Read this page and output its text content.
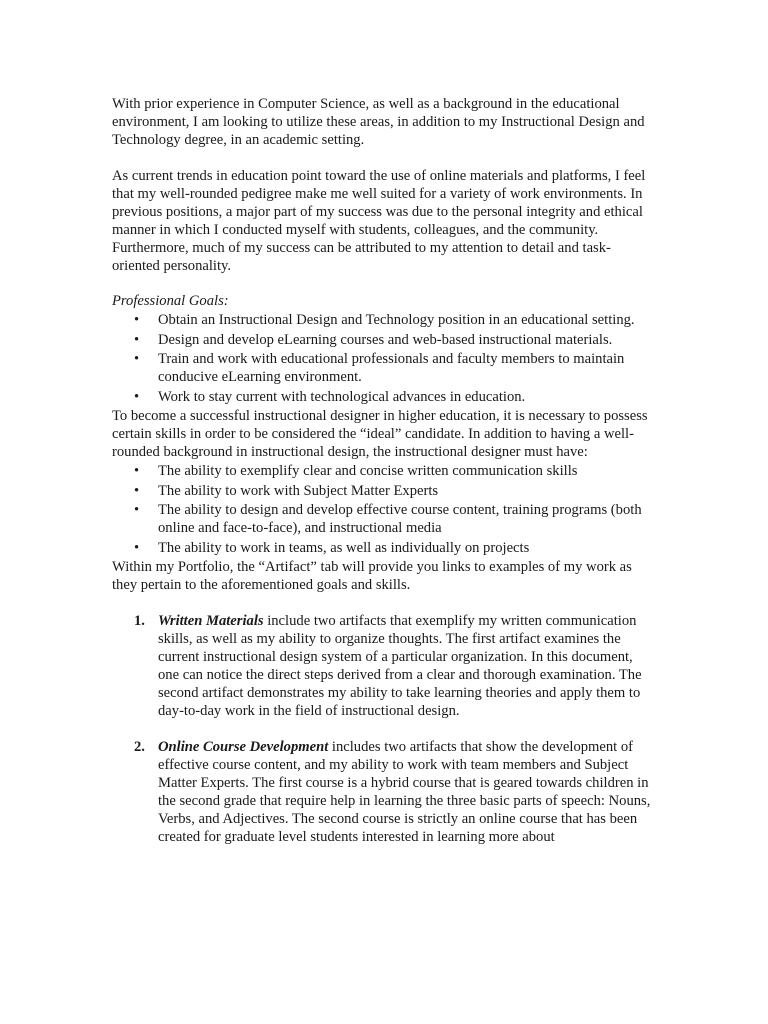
With prior experience in Computer Science, as well as a background in the educational environment, I am looking to utilize these areas, in addition to my Instructional Design and Technology degree, in an academic setting.

As current trends in education point toward the use of online materials and platforms, I feel that my well-rounded pedigree make me well suited for a variety of work environments. In previous positions, a major part of my success was due to the personal integrity and ethical manner in which I conducted myself with students, colleagues, and the community. Furthermore, much of my success can be attributed to my attention to detail and task-oriented personality.

Professional Goals:

• Obtain an Instructional Design and Technology position in an educational setting.
• Design and develop eLearning courses and web-based instructional materials.
• Train and work with educational professionals and faculty members to maintain conducive eLearning environment.
• Work to stay current with technological advances in education.

To become a successful instructional designer in higher education, it is necessary to possess certain skills in order to be considered the “ideal” candidate. In addition to having a well-rounded background in instructional design, the instructional designer must have:

• The ability to exemplify clear and concise written communication skills
• The ability to work with Subject Matter Experts
• The ability to design and develop effective course content, training programs (both online and face-to-face), and instructional media
• The ability to work in teams, as well as individually on projects

Within my Portfolio, the “Artifact” tab will provide you links to examples of my work as they pertain to the aforementioned goals and skills.

1. Written Materials include two artifacts that exemplify my written communication skills, as well as my ability to organize thoughts. The first artifact examines the current instructional design system of a particular organization. In this document, one can notice the direct steps derived from a clear and thorough examination. The second artifact demonstrates my ability to take learning theories and apply them to day-to-day work in the field of instructional design.
2. Online Course Development includes two artifacts that show the development of effective course content, and my ability to work with team members and Subject Matter Experts. The first course is a hybrid course that is geared towards children in the second grade that require help in learning the three basic parts of speech: Nouns, Verbs, and Adjectives. The second course is strictly an online course that has been created for graduate level students interested in learning more about
